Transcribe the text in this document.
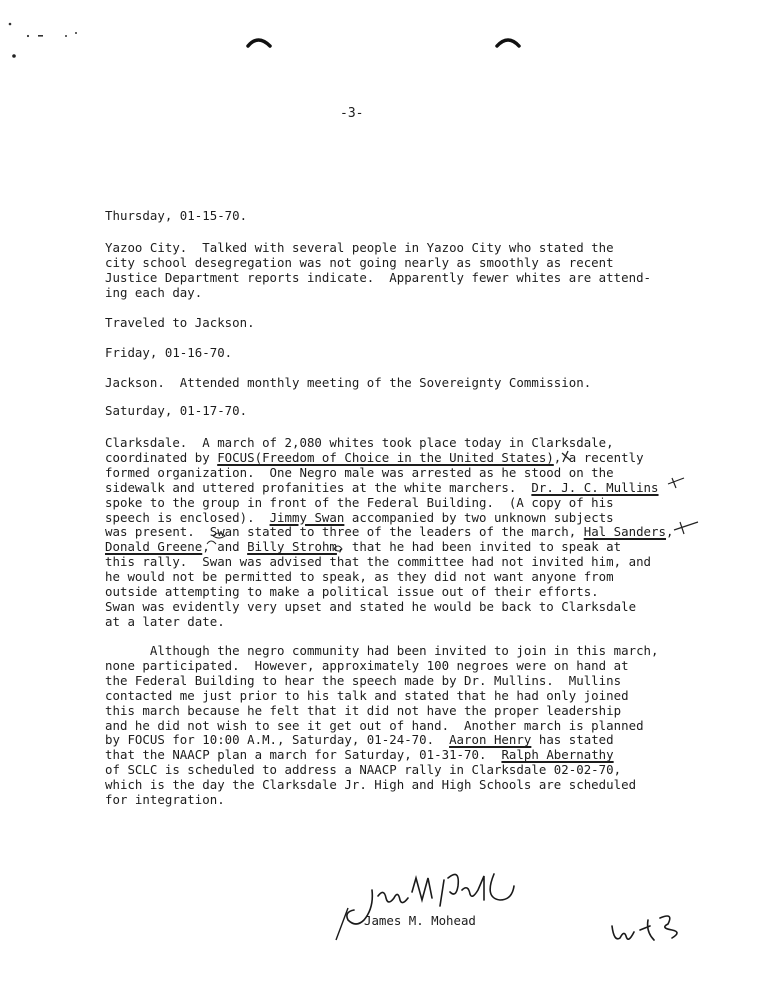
-3-
Thursday, 01-15-70.
Yazoo City.  Talked with several people in Yazoo City who stated the
city school desegregation was not going nearly as smoothly as recent
Justice Department reports indicate.  Apparently fewer whites are attend-
ing each day.
Traveled to Jackson.
Friday, 01-16-70.
Jackson.  Attended monthly meeting of the Sovereignty Commission.
Saturday, 01-17-70.
Clarksdale.  A march of 2,080 whites took place today in Clarksdale,
coordinated by FOCUS(Freedom of Choice in the United States), a recently
formed organization.  One Negro male was arrested as he stood on the
sidewalk and uttered profanities at the white marchers.  Dr. J. C. Mullins
spoke to the group in front of the Federal Building.  (A copy of his
speech is enclosed).  Jimmy Swan accompanied by two unknown subjects
was present.  Swan stated to three of the leaders of the march, Hal Sanders,
Donald Greene, and Billy Strohm, that he had been invited to speak at
this rally.  Swan was advised that the committee had not invited him, and
he would not be permitted to speak, as they did not want anyone from
outside attempting to make a political issue out of their efforts.
Swan was evidently very upset and stated he would be back to Clarksdale
at a later date.
Although the negro community had been invited to join in this march,
none participated.  However, approximately 100 negroes were on hand at
the Federal Building to hear the speech made by Dr. Mullins.  Mullins
contacted me just prior to his talk and stated that he had only joined
this march because he felt that it did not have the proper leadership
and he did not wish to see it get out of hand.  Another march is planned
by FOCUS for 10:00 A.M., Saturday, 01-24-70.  Aaron Henry has stated
that the NAACP plan a march for Saturday, 01-31-70.  Ralph Abernathy
of SCLC is scheduled to address a NAACP rally in Clarksdale 02-02-70,
which is the day the Clarksdale Jr. High and High Schools are scheduled
for integration.
James M. Mohead
